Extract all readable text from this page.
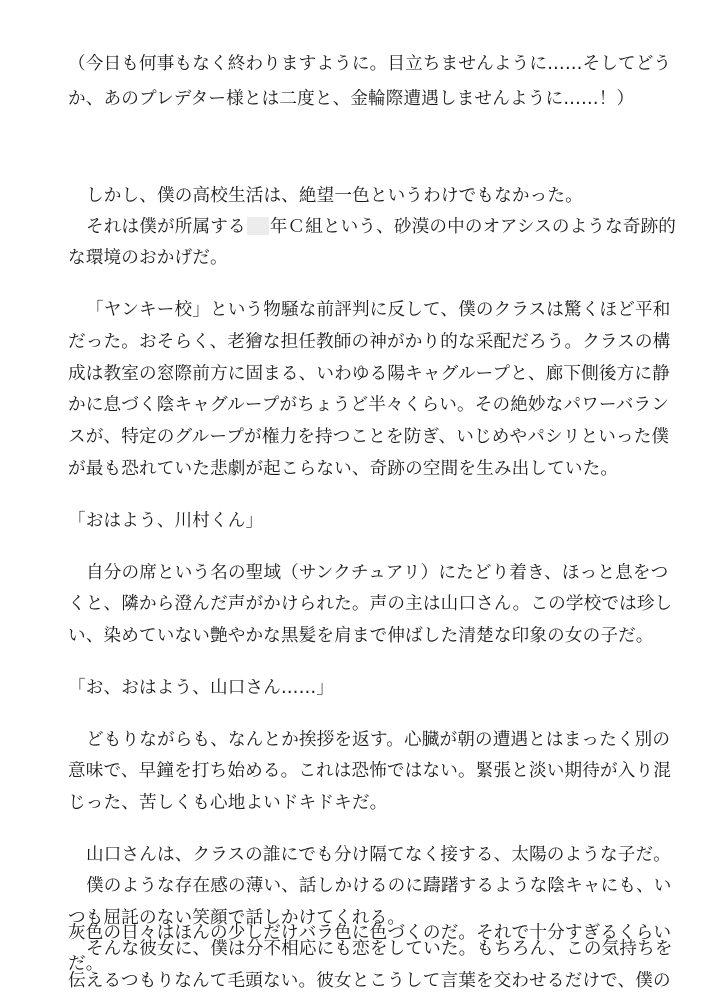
（今日も何事もなく終わりますように。目立ちませんように……そしてどう
か、あのプレデター様とは二度と、金輪際遭遇しませんように……！）
しかし、僕の高校生活は、絶望一色というわけでもなかった。
それは僕が所属する 年Ｃ組という、砂漠の中のオアシスのような奇跡的
な環境のおかげだ。
「ヤンキー校」という物騒な前評判に反して、僕のクラスは驚くほど平和
だった。おそらく、老獪な担任教師の神がかり的な采配だろう。クラスの構
成は教室の窓際前方に固まる、いわゆる陽キャグループと、廊下側後方に静
かに息づく陰キャグループがちょうど半々くらい。その絶妙なパワーバラン
スが、特定のグループが権力を持つことを防ぎ、いじめやパシリといった僕
が最も恐れていた悲劇が起こらない、奇跡の空間を生み出していた。
「おはよう、川村くん」
自分の席という名の聖域（サンクチュアリ）にたどり着き、ほっと息をつ
くと、隣から澄んだ声がかけられた。声の主は山口さん。この学校では珍し
い、染めていない艶やかな黒髪を肩まで伸ばした清楚な印象の女の子だ。
「お、おはよう、山口さん……」
どもりながらも、なんとか挨拶を返す。心臓が朝の遭遇とはまったく別の
意味で、早鐘を打ち始める。これは恐怖ではない。緊張と淡い期待が入り混
じった、苦しくも心地よいドキドキだ。
山口さんは、クラスの誰にでも分け隔てなく接する、太陽のような子だ。
僕のような存在感の薄い、話しかけるのに躊躇するような陰キャにも、い
つも屈託のない笑顔で話しかけてくれる。
そんな彼女に、僕は分不相応にも恋をしていた。もちろん、この気持ちを
伝えるつもりなんて毛頭ない。彼女とこうして言葉を交わせるだけで、僕の
灰色の日々はほんの少しだけバラ色に色づくのだ。それで十分すぎるくらい
だ。
